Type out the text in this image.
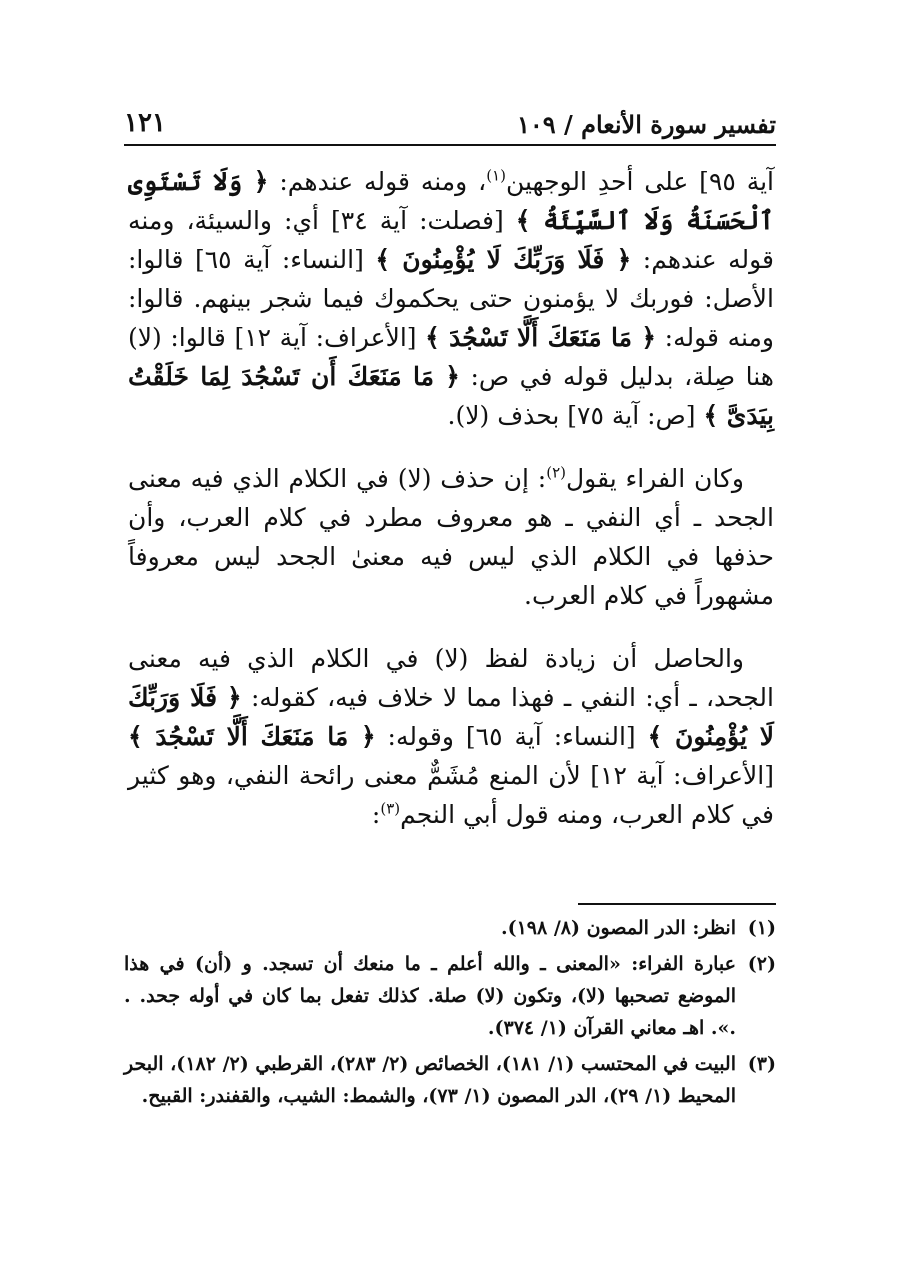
تفسير سورة الأنعام / ١٠٩
١٢١

آية ٩٥] على أحدِ الوجهين$^{(١)}$، ومنه قوله عندهم: ﴿ وَلَا تَسْتَوِى ٱلْحَسَنَةُ وَلَا ٱلسَّيِّئَةُ ﴾ [فصلت: آية ٣٤] أي: والسيئة، ومنه قوله عندهم: ﴿ فَلَا وَرَبِّكَ لَا يُؤْمِنُونَ ﴾ [النساء: آية ٦٥] قالوا: الأصل: فوربك لا يؤمنون حتى يحكموك فيما شجر بينهم. قالوا: ومنه قوله: ﴿ مَا مَنَعَكَ أَلَّا تَسْجُدَ ﴾ [الأعراف: آية ١٢] قالوا: (لا) هنا صِلة، بدليل قوله في ص: ﴿ مَا مَنَعَكَ أَن تَسْجُدَ لِمَا خَلَقْتُ بِيَدَىَّ ﴾ [ص: آية ٧٥] بحذف (لا).

وكان الفراء يقول$^{(٢)}$: إن حذف (لا) في الكلام الذي فيه معنى الجحد ـ أي النفي ـ هو معروف مطرد في كلام العرب، وأن حذفها في الكلام الذي ليس فيه معنىٰ الجحد ليس معروفاً مشهوراً في كلام العرب.

والحاصل أن زيادة لفظ (لا) في الكلام الذي فيه معنى الجحد، ـ أي: النفي ـ فهذا مما لا خلاف فيه، كقوله: ﴿ فَلَا وَرَبِّكَ لَا يُؤْمِنُونَ ﴾ [النساء: آية ٦٥] وقوله: ﴿ مَا مَنَعَكَ أَلَّا تَسْجُدَ ﴾ [الأعراف: آية ١٢] لأن المنع مُشَمٌّ معنى رائحة النفي، وهو كثير في كلام العرب، ومنه قول أبي النجم$^{(٣)}$:

(١)
انظر: الدر المصون (٨/ ١٩٨).
(٢)
عبارة الفراء: «المعنى ـ والله أعلم ـ ما منعك أن تسجد. و (أن) في هذا الموضع تصحبها (لا)، وتكون (لا) صلة. كذلك تفعل بما كان في أوله جحد. . .». اهـ معاني القرآن (١/ ٣٧٤).
(٣)
البيت في المحتسب (١/ ١٨١)، الخصائص (٢/ ٢٨٣)، القرطبي (٢/ ١٨٢)، البحر المحيط (١/ ٢٩)، الدر المصون (١/ ٧٣)، والشمط: الشيب، والقفندر: القبيح.
